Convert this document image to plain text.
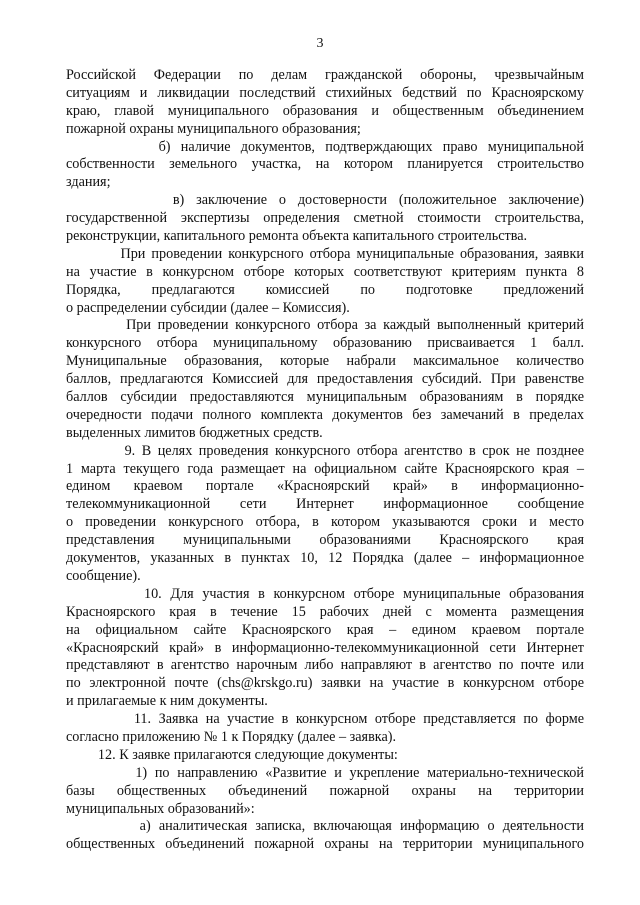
3
Российской Федерации по делам гражданской обороны, чрезвычайным
ситуациям и ликвидации последствий стихийных бедствий по Красноярскому
краю, главой муниципального образования и общественным объединением
пожарной охраны муниципального образования;
б) наличие документов, подтверждающих право муниципальной
собственности земельного участка, на котором планируется строительство
здания;
в) заключение о достоверности (положительное заключение)
государственной экспертизы определения сметной стоимости строительства,
реконструкции, капитального ремонта объекта капитального строительства.
При проведении конкурсного отбора муниципальные образования, заявки
на участие в конкурсном отборе которых соответствуют критериям пункта 8
Порядка, предлагаются комиссией по подготовке предложений
о распределении субсидии (далее – Комиссия).
При проведении конкурсного отбора за каждый выполненный критерий
конкурсного отбора муниципальному образованию присваивается 1 балл.
Муниципальные образования, которые набрали максимальное количество
баллов, предлагаются Комиссией для предоставления субсидий. При равенстве
баллов субсидии предоставляются муниципальным образованиям в порядке
очередности подачи полного комплекта документов без замечаний в пределах
выделенных лимитов бюджетных средств.
9. В целях проведения конкурсного отбора агентство в срок не позднее
1 марта текущего года размещает на официальном сайте Красноярского края –
едином краевом портале «Красноярский край» в информационно-
телекоммуникационной сети Интернет информационное сообщение
о проведении конкурсного отбора, в котором указываются сроки и место
представления муниципальными образованиями Красноярского края
документов, указанных в пунктах 10, 12 Порядка (далее – информационное
сообщение).
10. Для участия в конкурсном отборе муниципальные образования
Красноярского края в течение 15 рабочих дней с момента размещения
на официальном сайте Красноярского края – едином краевом портале
«Красноярский край» в информационно-телекоммуникационной сети Интернет
представляют в агентство нарочным либо направляют в агентство по почте или
по электронной почте (chs@krskgo.ru) заявки на участие в конкурсном отборе
и прилагаемые к ним документы.
11. Заявка на участие в конкурсном отборе представляется по форме
согласно приложению № 1 к Порядку (далее – заявка).
12. К заявке прилагаются следующие документы:
1) по направлению «Развитие и укрепление материально-технической
базы общественных объединений пожарной охраны на территории
муниципальных образований»:
а) аналитическая записка, включающая информацию о деятельности
общественных объединений пожарной охраны на территории муниципального
